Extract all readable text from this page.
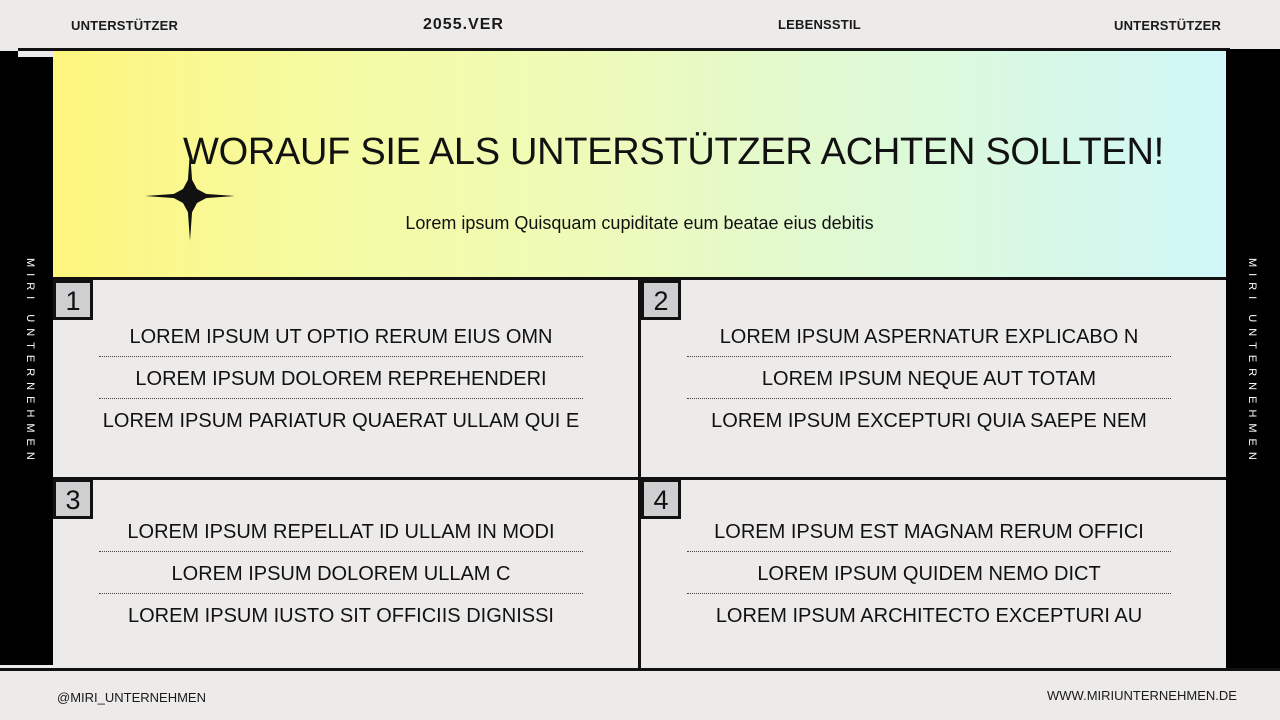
UNTERSTÜTZER	2055.VER	LEBENSSTIL	UNTERSTÜTZER
MIRI UNTERNEHMEN	MIRI UNTERNEHMEN
WORAUF SIE ALS UNTERSTÜTZER ACHTEN SOLLTEN!
Lorem ipsum Quisquam cupiditate eum beatae eius debitis
1
LOREM IPSUM UT OPTIO RERUM EIUS OMN
LOREM IPSUM DOLOREM REPREHENDERI
LOREM IPSUM PARIATUR QUAERAT ULLAM QUI E
2
LOREM IPSUM ASPERNATUR EXPLICABO N
LOREM IPSUM NEQUE AUT TOTAM
LOREM IPSUM EXCEPTURI QUIA SAEPE NEM
3
LOREM IPSUM REPELLAT ID ULLAM IN MODI
LOREM IPSUM DOLOREM ULLAM C
LOREM IPSUM IUSTO SIT OFFICIIS DIGNISSI
4
LOREM IPSUM EST MAGNAM RERUM OFFICI
LOREM IPSUM QUIDEM NEMO DICT
LOREM IPSUM ARCHITECTO EXCEPTURI AU
@MIRI_UNTERNEHMEN	WWW.MIRIUNTERNEHMEN.DE
